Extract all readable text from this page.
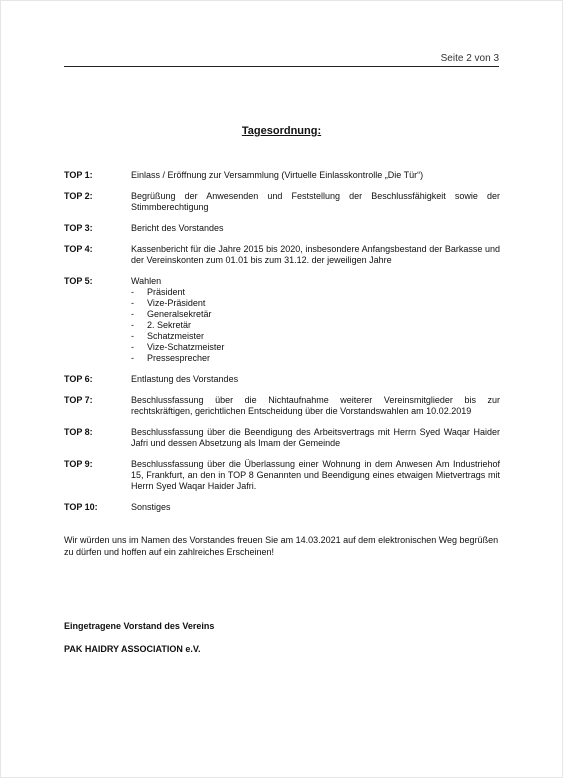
Seite 2 von 3
Tagesordnung:
TOP 1:	Einlass / Eröffnung zur Versammlung (Virtuelle Einlasskontrolle „Die Tür“)
TOP 2:	Begrüßung der Anwesenden und Feststellung der Beschlussfähigkeit sowie der Stimmberechtigung
TOP 3:	Bericht des Vorstandes
TOP 4:	Kassenbericht für die Jahre 2015 bis 2020, insbesondere Anfangsbestand der Barkasse und der Vereinskonten zum 01.01 bis zum 31.12. der jeweiligen Jahre
TOP 5:	Wahlen
-	Präsident
-	Vize-Präsident
-	Generalsekretär
-	2. Sekretär
-	Schatzmeister
-	Vize-Schatzmeister
-	Pressesprecher
TOP 6:	Entlastung des Vorstandes
TOP 7:	Beschlussfassung über die Nichtaufnahme weiterer Vereinsmitglieder bis zur rechtskräftigen, gerichtlichen Entscheidung über die Vorstandswahlen am 10.02.2019
TOP 8:	Beschlussfassung über die Beendigung des Arbeitsvertrags mit Herrn Syed Waqar Haider Jafri und dessen Absetzung als Imam der Gemeinde
TOP 9:	Beschlussfassung über die Überlassung einer Wohnung in dem Anwesen Am Industriehof 15, Frankfurt, an den in TOP 8 Genannten und Beendigung eines etwaigen Mietvertrags mit Herrn Syed Waqar Haider Jafri.
TOP 10:	Sonstiges
Wir würden uns im Namen des Vorstandes freuen Sie am 14.03.2021 auf dem elektronischen Weg begrüßen zu dürfen und hoffen auf ein zahlreiches Erscheinen!
Eingetragene Vorstand des Vereins
PAK HAIDRY ASSOCIATION e.V.
